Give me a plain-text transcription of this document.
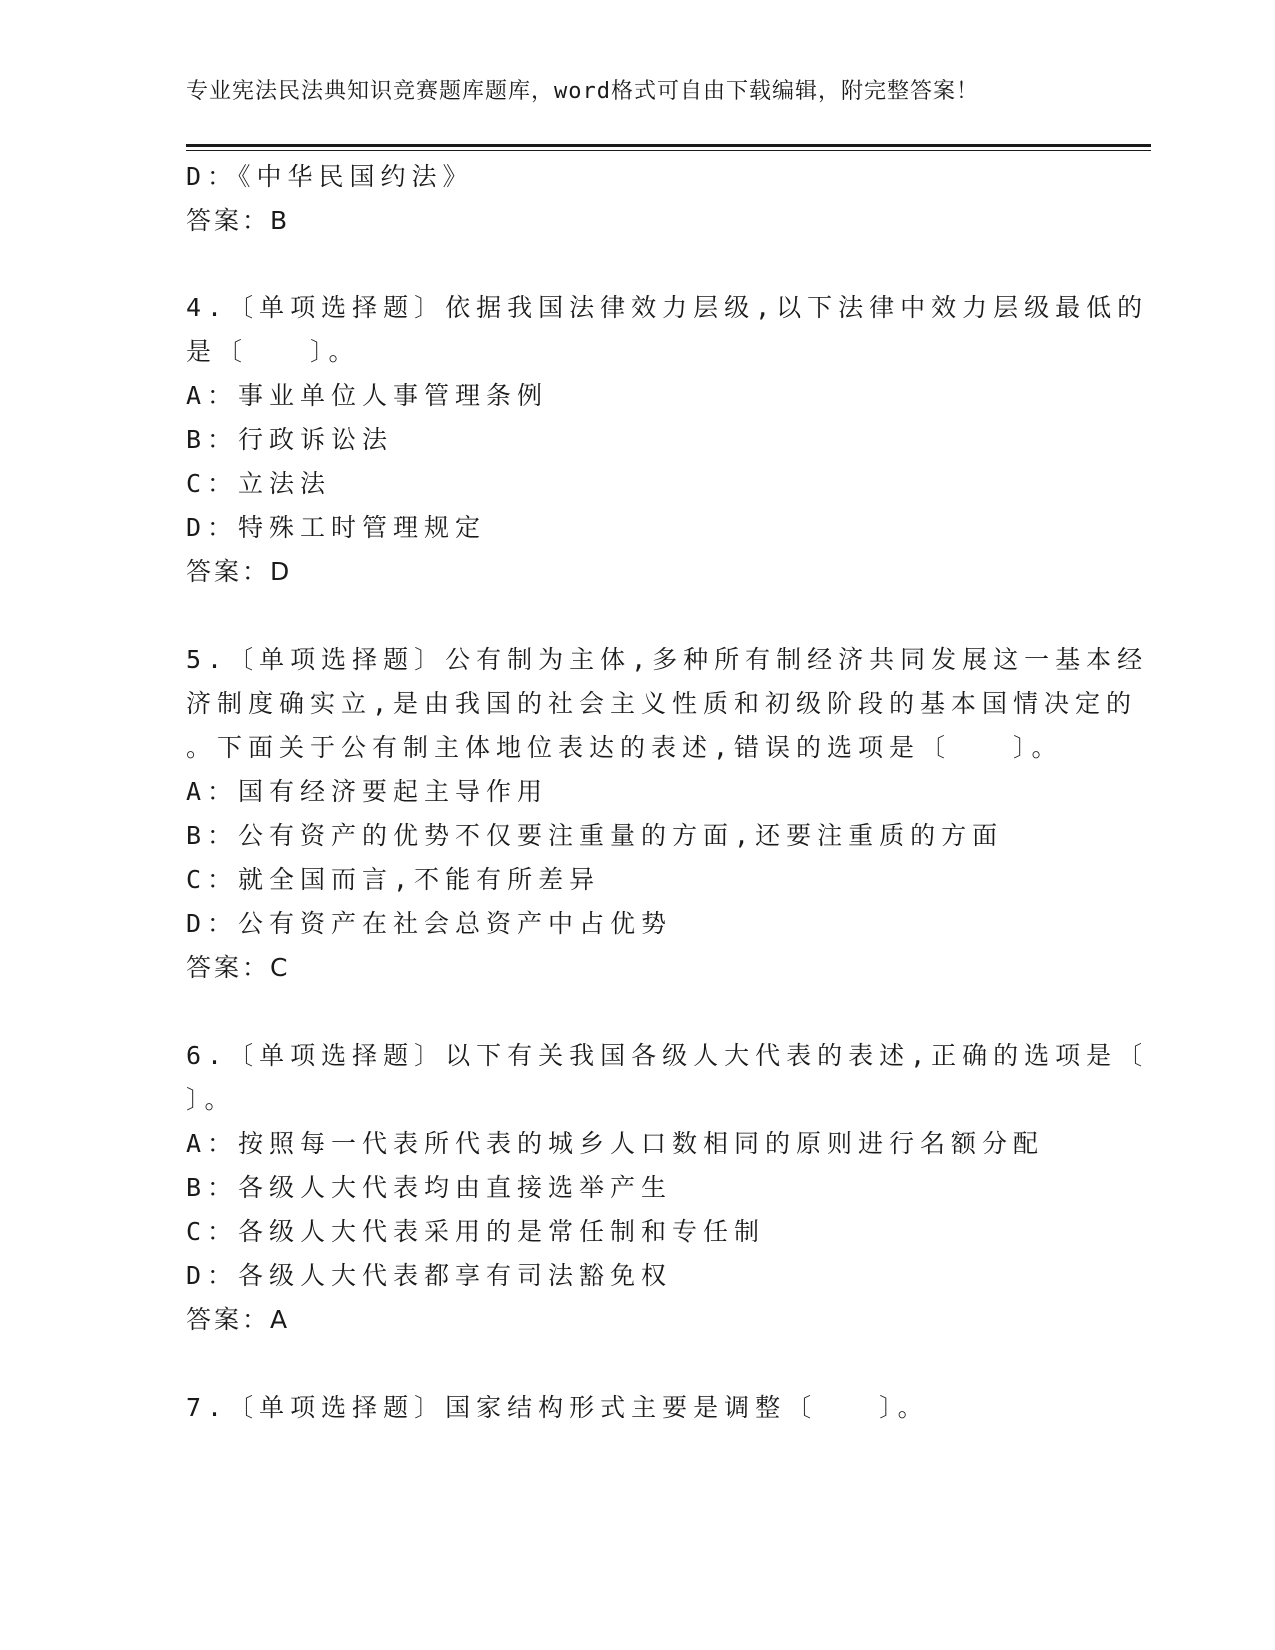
专业宪法民法典知识竞赛题库题库，word格式可自由下载编辑，附完整答案！
D：《中华民国约法》
答案：B
4.〔单项选择题〕依据我国法律效力层级,以下法律中效力层级最低的
是〔　　〕。
A：事业单位人事管理条例
B：行政诉讼法
C：立法法
D：特殊工时管理规定
答案：D
5.〔单项选择题〕公有制为主体,多种所有制经济共同发展这一基本经
济制度确实立,是由我国的社会主义性质和初级阶段的基本国情决定的
。下面关于公有制主体地位表达的表述,错误的选项是〔　　〕。
A：国有经济要起主导作用
B：公有资产的优势不仅要注重量的方面,还要注重质的方面
C：就全国而言,不能有所差异
D：公有资产在社会总资产中占优势
答案：C
6.〔单项选择题〕以下有关我国各级人大代表的表述,正确的选项是〔
〕。
A：按照每一代表所代表的城乡人口数相同的原则进行名额分配
B：各级人大代表均由直接选举产生
C：各级人大代表采用的是常任制和专任制
D：各级人大代表都享有司法豁免权
答案：A
7.〔单项选择题〕国家结构形式主要是调整〔　　〕。
